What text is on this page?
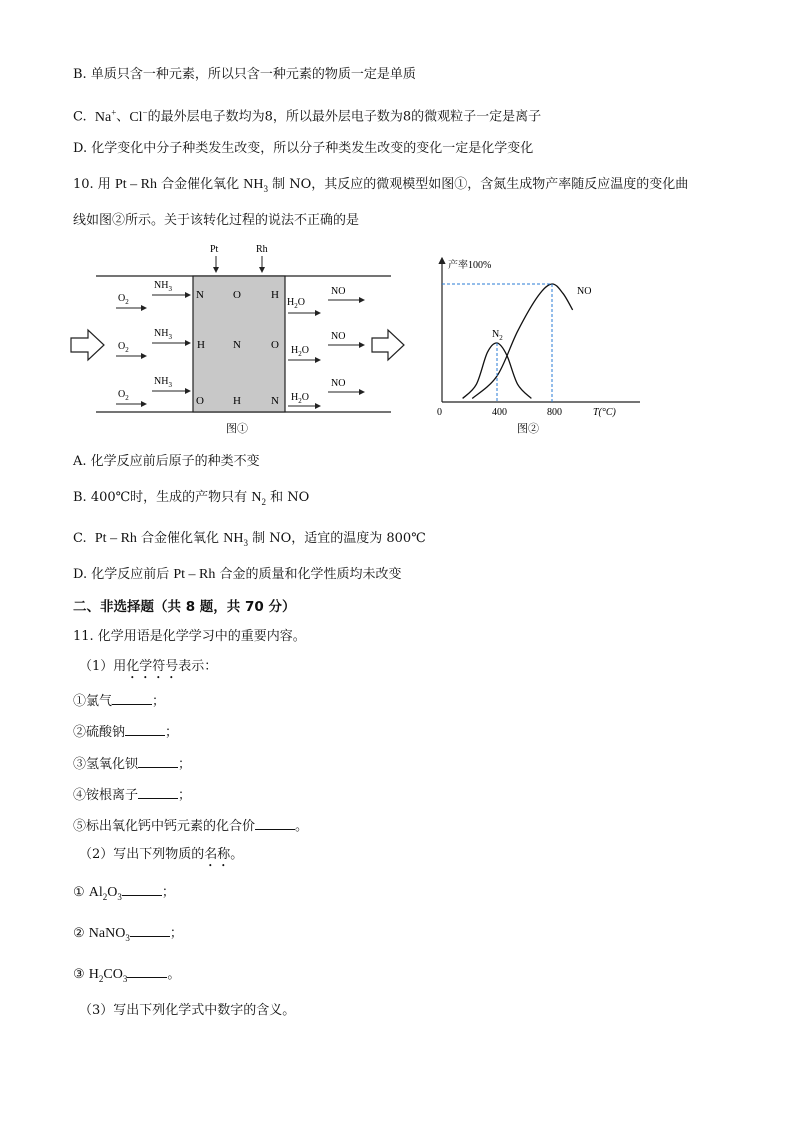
B. 单质只含一种元素，所以只含一种元素的物质一定是单质
C. Na+、Cl−的最外层电子数均为8，所以最外层电子数为8的微观粒子一定是离子
D. 化学变化中分子种类发生改变，所以分子种类发生改变的变化一定是化学变化
10. 用 Pt – Rh 合金催化氧化 $NH_3$ 制 NO，其反应的微观模型如图①，含氮生成物产率随反应温度的变化曲
线如图②所示。关于该转化过程的说法不正确的是
Pt	Rh
N	O	H
H	N	O
O	H	N
$NH_3$
$O_2$
$NH_3$
$O_2$
$NH_3$
$O_2$
NO
$H_2O$
NO
$H_2O$
NO
$H_2O$
图①
产率100%
0	400	800	T(°C)
$N_2$
NO
图②
A. 化学反应前后原子的种类不变
B. 400℃时，生成的产物只有 $N_2$ 和 NO
C. Pt – Rh 合金催化氧化 $NH_3$ 制 NO，适宜的温度为 800℃
D. 化学反应前后 Pt – Rh 合金的质量和化学性质均未改变
二、非选择题（共 8 题，共 70 分）
11. 化学用语是化学学习中的重要内容。
（1）用化学符号表示：
①氯气	；
②硫酸钠	；
③氢氧化钡	；
④铵根离子	；
⑤标出氧化钙中钙元素的化合价	。
（2）写出下列物质的名称。
① $Al_2O_3$	；
② NaNO$_3$	；
③ $H_2CO_3$	。
（3）写出下列化学式中数字的含义。
